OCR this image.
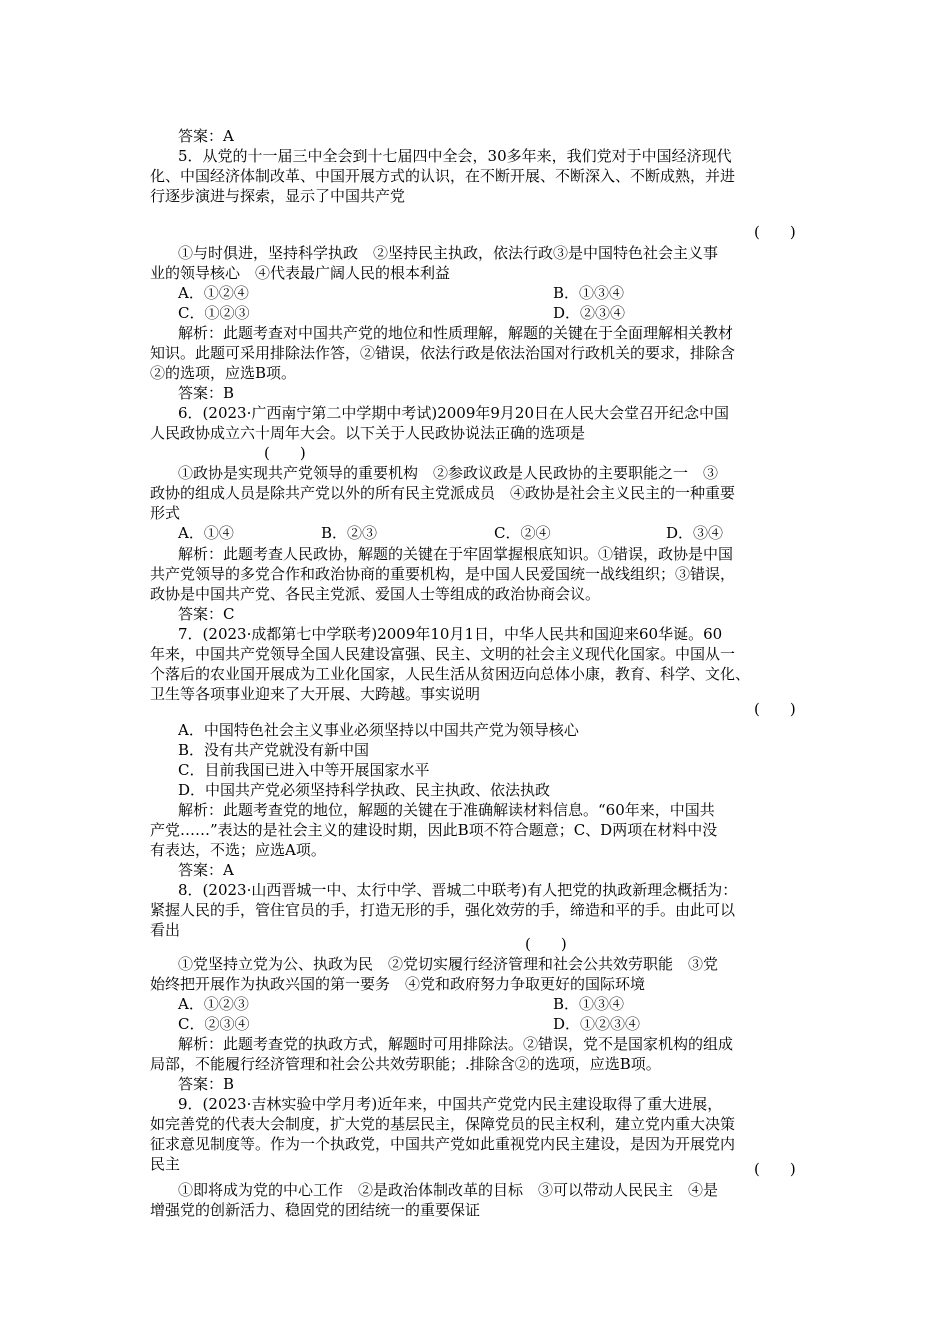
答案：A
5．从党的十一届三中全会到十七届四中全会，30多年来，我们党对于中国经济现代
化、中国经济体制改革、中国开展方式的认识，在不断开展、不断深入、不断成熟，并进
行逐步演进与探索，显示了中国共产党
(　　)
①与时俱进，坚持科学执政　②坚持民主执政，依法行政③是中国特色社会主义事
业的领导核心　④代表最广阔人民的根本利益
A．①②④	B．①③④
C．①②③	D．②③④
解析：此题考查对中国共产党的地位和性质理解，解题的关键在于全面理解相关教材
知识。此题可采用排除法作答，②错误，依法行政是依法治国对行政机关的要求，排除含
②的选项，应选B项。
答案：B
6．(2023·广西南宁第二中学期中考试)2009年9月20日在人民大会堂召开纪念中国
人民政协成立六十周年大会。以下关于人民政协说法正确的选项是
(　　)
①政协是实现共产党领导的重要机构　②参政议政是人民政协的主要职能之一　③
政协的组成人员是除共产党以外的所有民主党派成员　④政协是社会主义民主的一种重要
形式
A．①④	B．②③	C．②④	D．③④
解析：此题考查人民政协，解题的关键在于牢固掌握根底知识。①错误，政协是中国
共产党领导的多党合作和政治协商的重要机构，是中国人民爱国统一战线组织；③错误，
政协是中国共产党、各民主党派、爱国人士等组成的政治协商会议。
答案：C
7．(2023·成都第七中学联考)2009年10月1日，中华人民共和国迎来60华诞。60
年来，中国共产党领导全国人民建设富强、民主、文明的社会主义现代化国家。中国从一
个落后的农业国开展成为工业化国家，人民生活从贫困迈向总体小康，教育、科学、文化、
卫生等各项事业迎来了大开展、大跨越。事实说明
(　　)
A．中国特色社会主义事业必须坚持以中国共产党为领导核心
B．没有共产党就没有新中国
C．目前我国已进入中等开展国家水平
D．中国共产党必须坚持科学执政、民主执政、依法执政
解析：此题考查党的地位，解题的关键在于准确解读材料信息。“60年来，中国共
产党……”表达的是社会主义的建设时期，因此B项不符合题意；C、D两项在材料中没
有表达，不选；应选A项。
答案：A
8．(2023·山西晋城一中、太行中学、晋城二中联考)有人把党的执政新理念概括为：
紧握人民的手，管住官员的手，打造无形的手，强化效劳的手，缔造和平的手。由此可以
看出
(　　)
①党坚持立党为公、执政为民　②党切实履行经济管理和社会公共效劳职能　③党
始终把开展作为执政兴国的第一要务　④党和政府努力争取更好的国际环境
A．①②③	B．①③④
C．②③④	D．①②③④
解析：此题考查党的执政方式，解题时可用排除法。②错误，党不是国家机构的组成
局部，不能履行经济管理和社会公共效劳职能；.排除含②的选项，应选B项。
答案：B
9．(2023·吉林实验中学月考)近年来，中国共产党党内民主建设取得了重大进展，
如完善党的代表大会制度，扩大党的基层民主，保障党员的民主权利，建立党内重大决策
征求意见制度等。作为一个执政党，中国共产党如此重视党内民主建设，是因为开展党内
民主	(　　)
①即将成为党的中心工作　②是政治体制改革的目标　③可以带动人民民主　④是
增强党的创新活力、稳固党的团结统一的重要保证
